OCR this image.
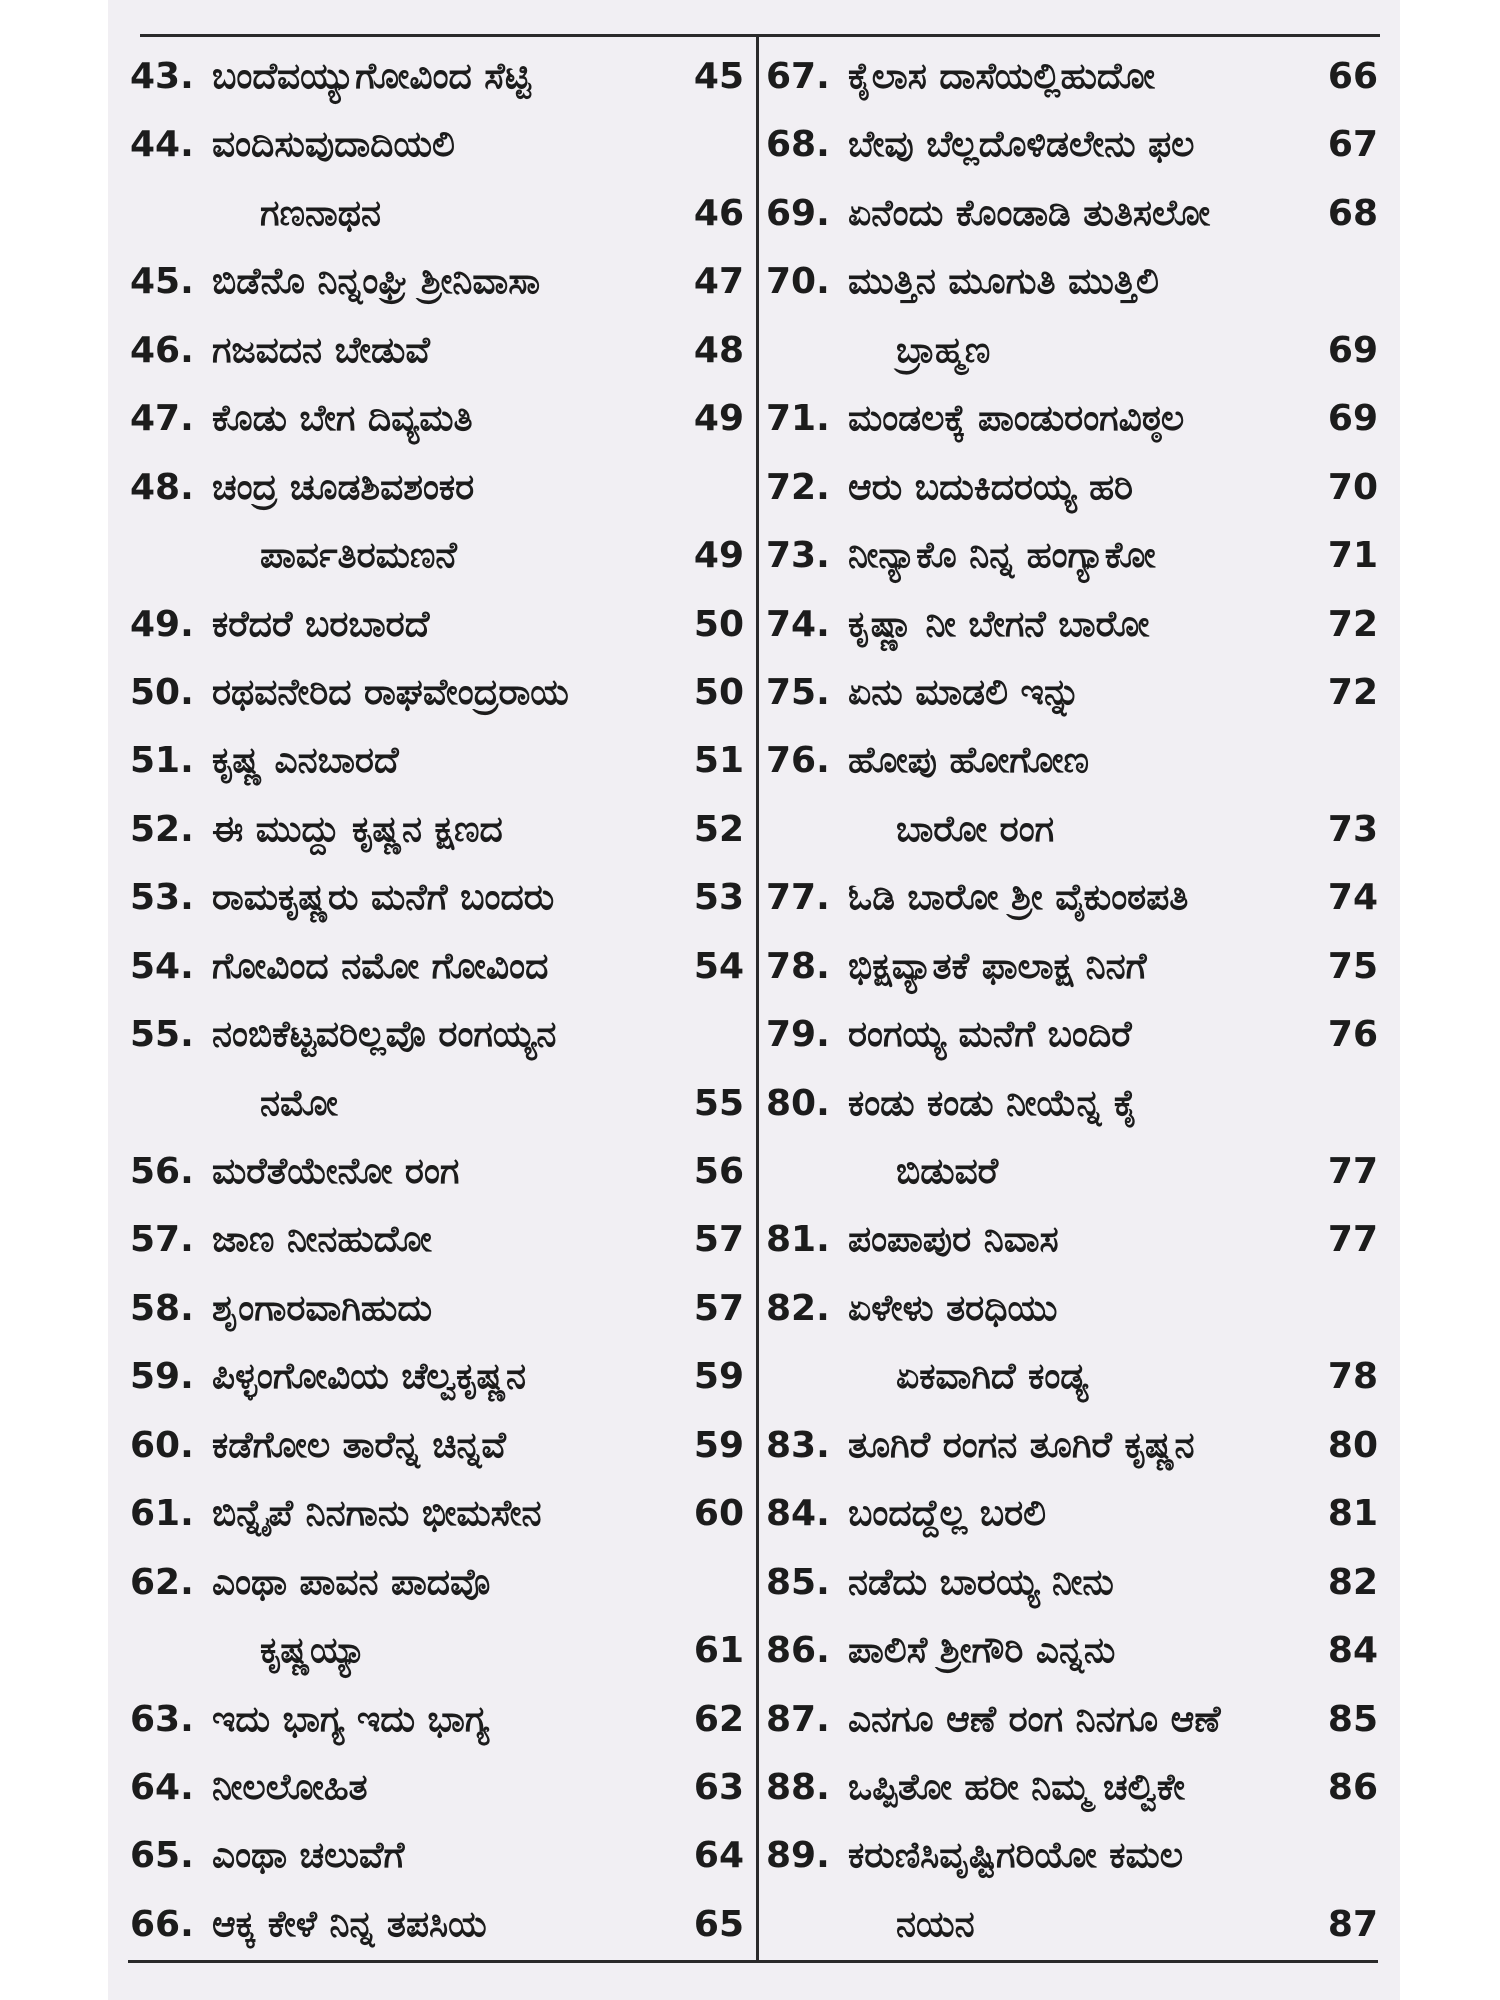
43. ಬಂದೆವಯ್ಯುಗೋವಿಂದ ಸೆಟ್ಟಿ	45
44. ವಂದಿಸುವುದಾದಿಯಲಿ
ಗಣನಾಥನ	46
45. ಬಿಡೆನೊ ನಿನ್ನಂಘ್ರಿ ಶ್ರೀನಿವಾಸಾ	47
46. ಗಜವದನ ಬೇಡುವೆ	48
47. ಕೊಡು ಬೇಗ ದಿವ್ಯಮತಿ	49
48. ಚಂದ್ರ ಚೂಡಶಿವಶಂಕರ
ಪಾರ್ವತಿರಮಣನೆ	49
49. ಕರೆದರೆ ಬರಬಾರದೆ	50
50. ರಥವನೇರಿದ ರಾಘವೇಂದ್ರರಾಯ	50
51. ಕೃಷ್ಣ ಎನಬಾರದೆ	51
52. ಈ ಮುದ್ದು ಕೃಷ್ಣನ ಕ್ಷಣದ	52
53. ರಾಮಕೃಷ್ಣರು ಮನೆಗೆ ಬಂದರು	53
54. ಗೋವಿಂದ ನಮೋ ಗೋವಿಂದ	54
55. ನಂಬಿಕೆಟ್ಟವರಿಲ್ಲವೊ ರಂಗಯ್ಯನ
ನಮೋ	55
56. ಮರೆತೆಯೇನೋ ರಂಗ	56
57. ಜಾಣ ನೀನಹುದೋ	57
58. ಶೃಂಗಾರವಾಗಿಹುದು	57
59. ಪಿಳ್ಳಂಗೋವಿಯ ಚೆಲ್ವಕೃಷ್ಣನ	59
60. ಕಡೆಗೋಲ ತಾರೆನ್ನ ಚಿನ್ನವೆ	59
61. ಬಿನ್ನೈಪೆ ನಿನಗಾನು ಭೀಮಸೇನ	60
62. ಎಂಥಾ ಪಾವನ ಪಾದವೊ
ಕೃಷ್ಣಯ್ಯಾ	61
63. ಇದು ಭಾಗ್ಯ ಇದು ಭಾಗ್ಯ	62
64. ನೀಲಲೋಹಿತ	63
65. ಎಂಥಾ ಚಲುವೆಗೆ	64
66. ಆಕ್ಕ ಕೇಳೆ ನಿನ್ನ ತಪಸಿಯ	65
67. ಕೈಲಾಸ ದಾಸೆಯಲ್ಲಿಹುದೋ	66
68. ಬೇವು ಬೆಲ್ಲದೊಳಿಡಲೇನು ಫಲ	67
69. ಏನೆಂದು ಕೊಂಡಾಡಿ ತುತಿಸಲೋ	68
70. ಮುತ್ತಿನ ಮೂಗುತಿ ಮುತ್ತಿಲಿ
ಬ್ರಾಹ್ಮಣ	69
71. ಮಂಡಲಕ್ಕೆ ಪಾಂಡುರಂಗವಿಠ್ಠಲ	69
72. ಆರು ಬದುಕಿದರಯ್ಯ ಹರಿ	70
73. ನೀನ್ಯಾಕೊ ನಿನ್ನ ಹಂಗ್ಯಾಕೋ	71
74. ಕೃಷ್ಣಾ ನೀ ಬೇಗನೆ ಬಾರೋ	72
75. ಏನು ಮಾಡಲಿ ಇನ್ನು	72
76. ಹೋಪು ಹೋಗೋಣ
ಬಾರೋ ರಂಗ	73
77. ಓಡಿ ಬಾರೋ ಶ್ರೀ ವೈಕುಂಠಪತಿ	74
78. ಭಿಕ್ಷವ್ಯಾತಕೆ ಫಾಲಾಕ್ಷ ನಿನಗೆ	75
79. ರಂಗಯ್ಯ ಮನೆಗೆ ಬಂದಿರೆ	76
80. ಕಂಡು ಕಂಡು ನೀಯೆನ್ನ ಕೈ
ಬಿಡುವರೆ	77
81. ಪಂಪಾಪುರ ನಿವಾಸ	77
82. ಏಳೇಳು ತರಧಿಯು
ಏಕವಾಗಿದೆ ಕಂಡ್ಯ	78
83. ತೂಗಿರೆ ರಂಗನ ತೂಗಿರೆ ಕೃಷ್ಣನ	80
84. ಬಂದದ್ದೆಲ್ಲ ಬರಲಿ	81
85. ನಡೆದು ಬಾರಯ್ಯ ನೀನು	82
86. ಪಾಲಿಸೆ ಶ್ರೀಗೌರಿ ಎನ್ನನು	84
87. ಎನಗೂ ಆಣೆ ರಂಗ ನಿನಗೂ ಆಣೆ	85
88. ಒಪ್ಪಿತೋ ಹರೀ ನಿಮ್ಮ ಚಲ್ವಿಕೇ	86
89. ಕರುಣಿಸಿವೃಷ್ಟಿಗರಿಯೋ ಕಮಲ
ನಯನ	87
